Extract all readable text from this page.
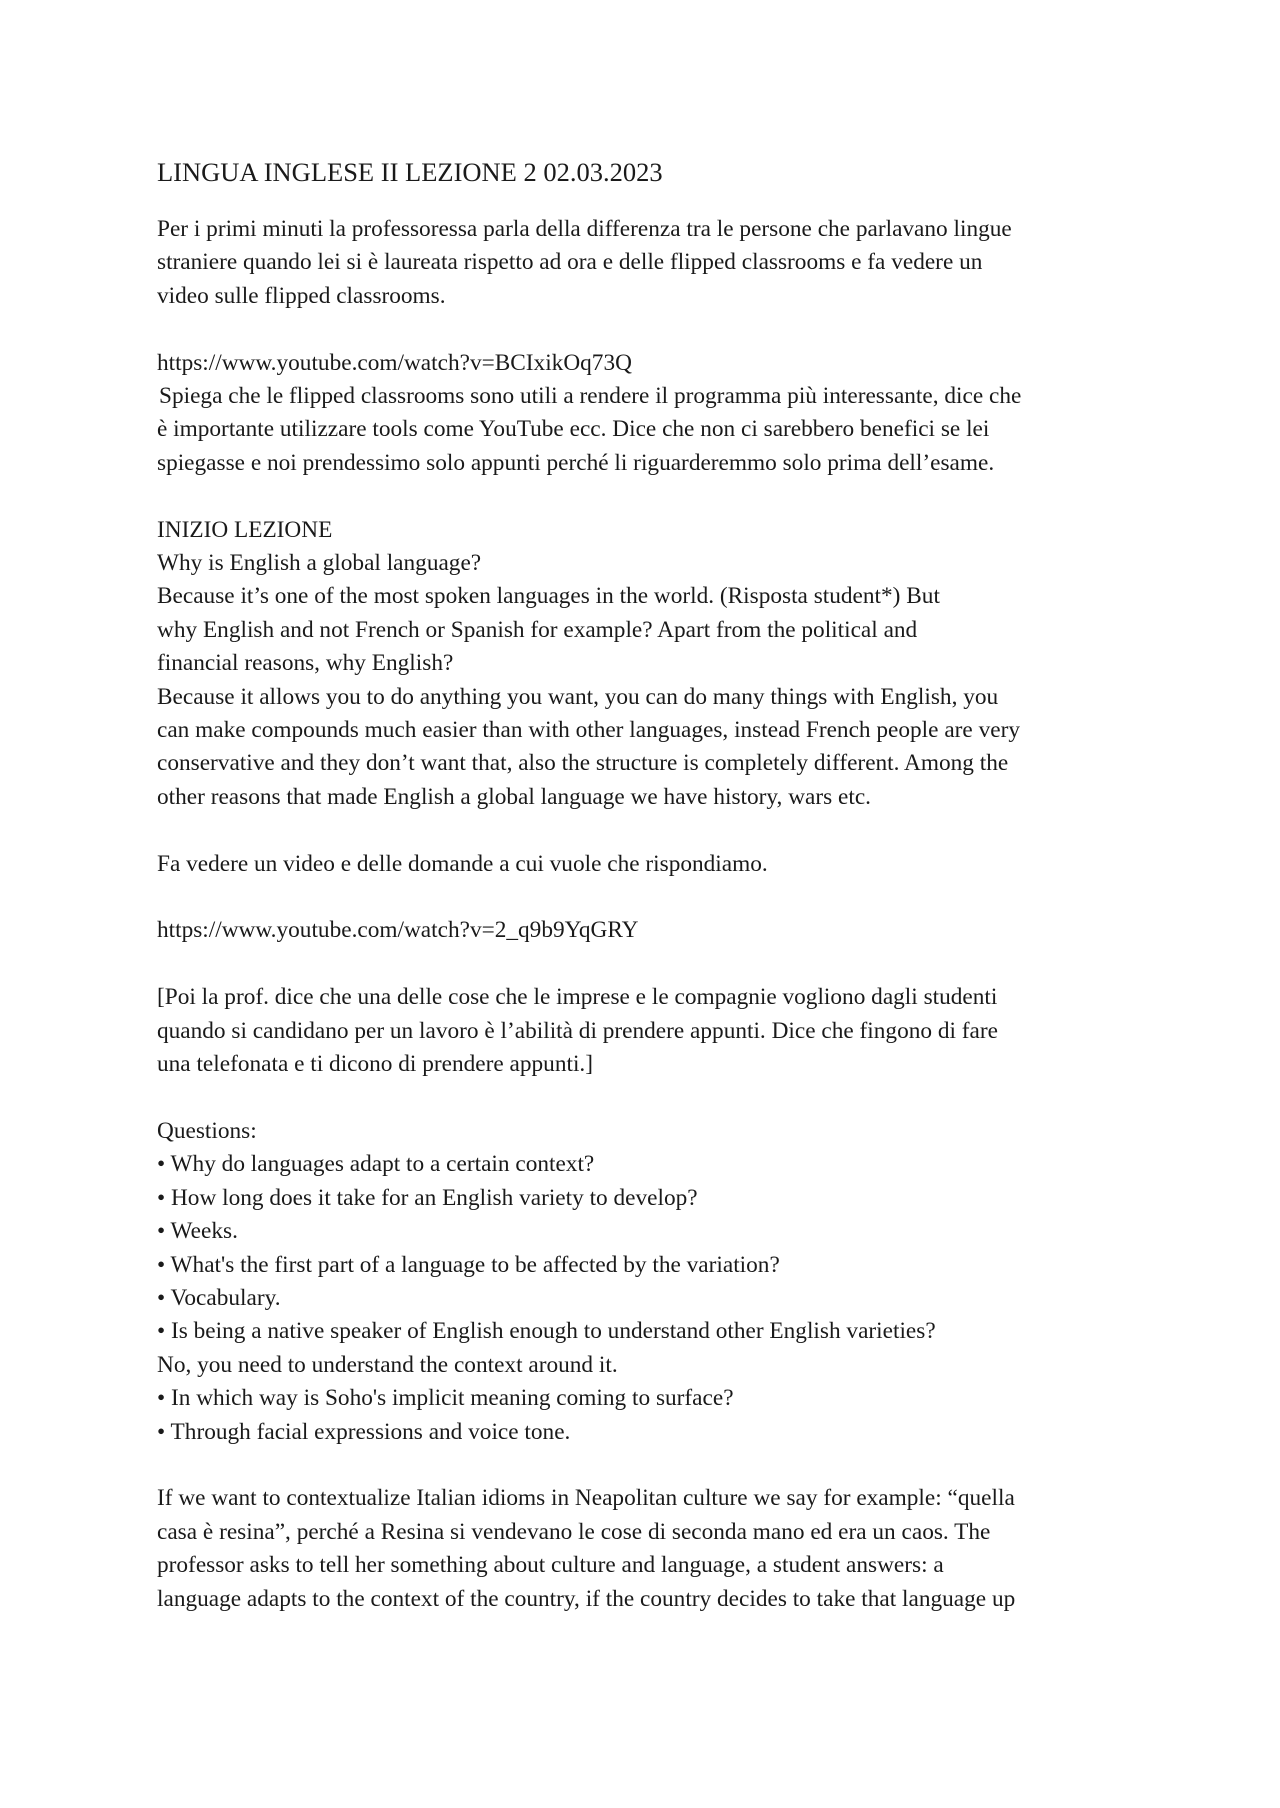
LINGUA INGLESE II LEZIONE 2 02.03.2023
Per i primi minuti la professoressa parla della differenza tra le persone che parlavano lingue
straniere quando lei si è laureata rispetto ad ora e delle flipped classrooms e fa vedere un
video sulle flipped classrooms.
https://www.youtube.com/watch?v=BCIxikOq73Q
Spiega che le flipped classrooms sono utili a rendere il programma più interessante, dice che
è importante utilizzare tools come YouTube ecc. Dice che non ci sarebbero benefici se lei
spiegasse e noi prendessimo solo appunti perché li riguarderemmo solo prima dell’esame.
INIZIO LEZIONE
Why is English a global language?
Because it’s one of the most spoken languages in the world. (Risposta student*) But
why English and not French or Spanish for example? Apart from the political and
financial reasons, why English?
Because it allows you to do anything you want, you can do many things with English, you
can make compounds much easier than with other languages, instead French people are very
conservative and they don’t want that, also the structure is completely different. Among the
other reasons that made English a global language we have history, wars etc.
Fa vedere un video e delle domande a cui vuole che rispondiamo.
https://www.youtube.com/watch?v=2_q9b9YqGRY
[Poi la prof. dice che una delle cose che le imprese e le compagnie vogliono dagli studenti
quando si candidano per un lavoro è l’abilità di prendere appunti. Dice che fingono di fare
una telefonata e ti dicono di prendere appunti.]
Questions:
• Why do languages adapt to a certain context?
• How long does it take for an English variety to develop?
• Weeks.
• What's the first part of a language to be affected by the variation?
• Vocabulary.
• Is being a native speaker of English enough to understand other English varieties?
No, you need to understand the context around it.
• In which way is Soho's implicit meaning coming to surface?
• Through facial expressions and voice tone.
If we want to contextualize Italian idioms in Neapolitan culture we say for example: “quella
casa è resina”, perché a Resina si vendevano le cose di seconda mano ed era un caos. The
professor asks to tell her something about culture and language, a student answers: a
language adapts to the context of the country, if the country decides to take that language up
